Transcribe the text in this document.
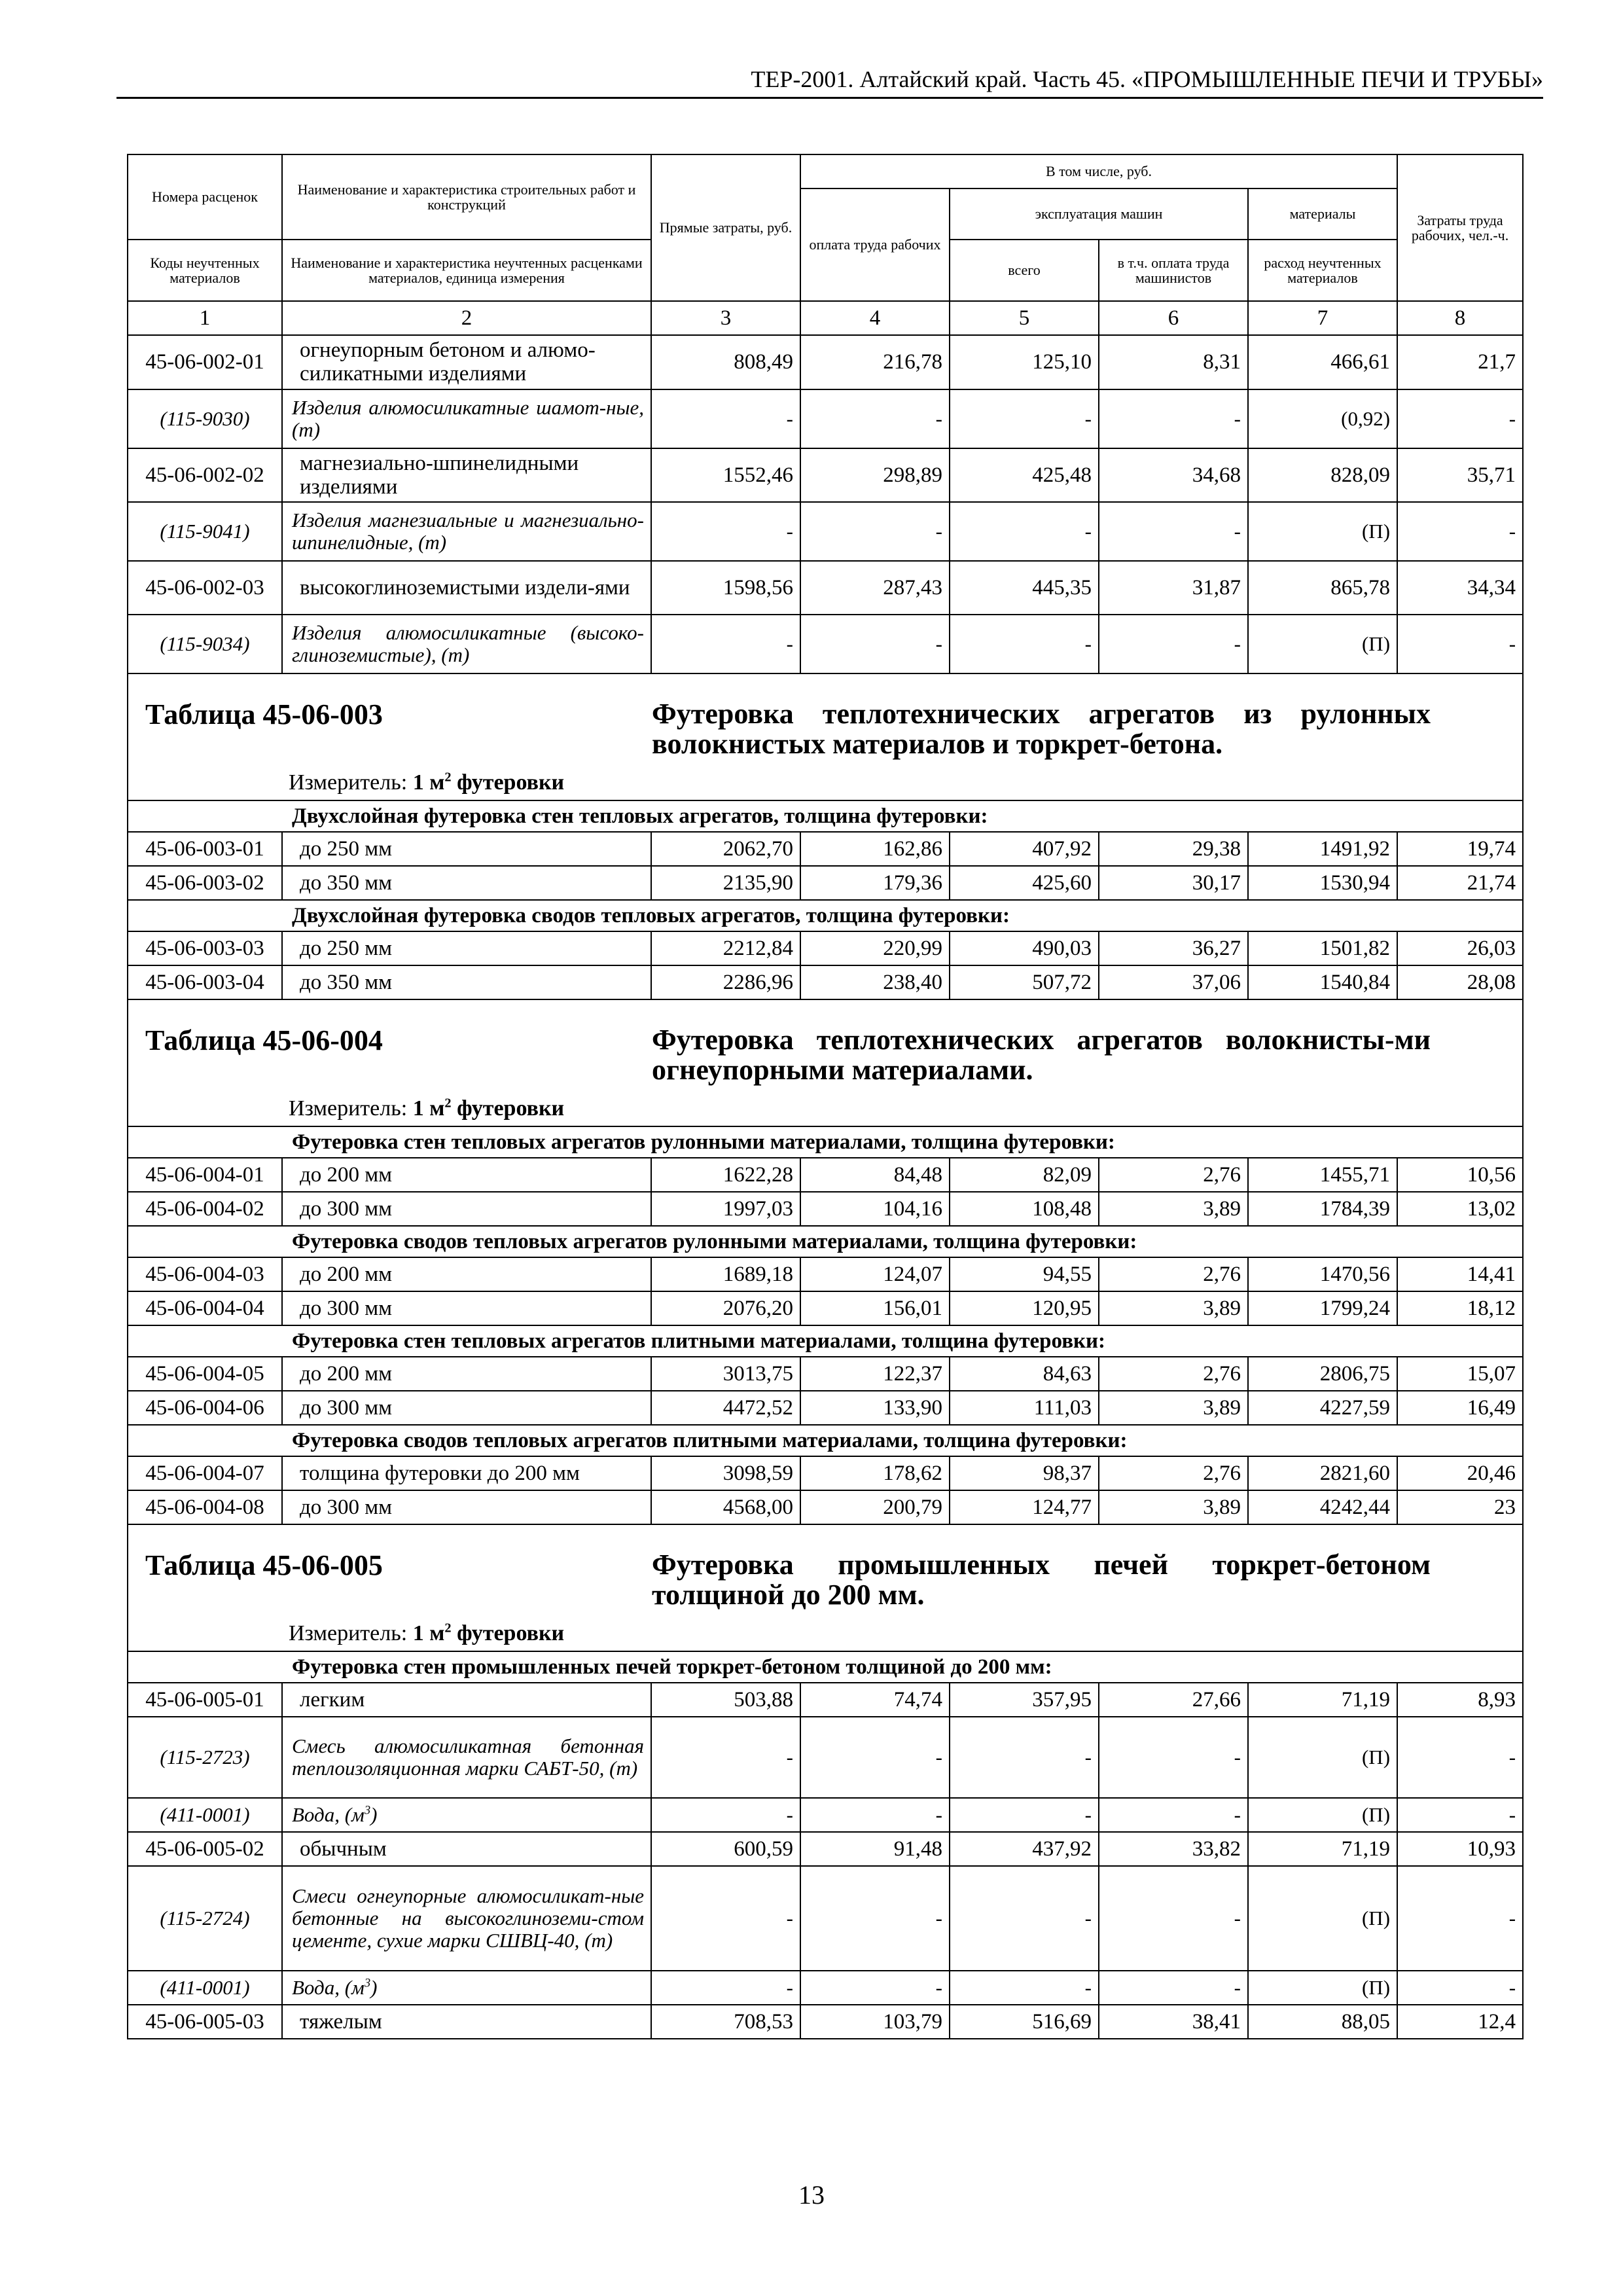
ТЕР-2001. Алтайский край. Часть 45. «ПРОМЫШЛЕННЫЕ ПЕЧИ И ТРУБЫ»
Номера расценок	Наименование и характеристика строительных работ и конструкций	Прямые затраты, руб.	В том числе, руб.				Затраты труда рабочих, чел.-ч.
			оплата труда рабочих	эксплуатация машин		материалы	
Коды неучтенных материалов	Наименование и характеристика неучтенных расценками материалов, единица измерения			всего	в т.ч. оплата труда машинистов	расход неучтенных материалов	
1	2	3	4	5	6	7	8
45-06-002-01	огнеупорным бетоном и алюмо-силикатными изделиями	808,49	216,78	125,10	8,31	466,61	21,7
(115-9030)	Изделия алюмосиликатные шамот-ные, (т)	-	-	-	-	(0,92)	-
45-06-002-02	магнезиально-шпинелидными изделиями	1552,46	298,89	425,48	34,68	828,09	35,71
(115-9041)	Изделия магнезиальные и магнезиально-шпинелидные, (т)	-	-	-	-	(П)	-
45-06-002-03	высокоглиноземистыми издели-ями	1598,56	287,43	445,35	31,87	865,78	34,34
(115-9034)	Изделия алюмосиликатные (высоко-глиноземистые), (т)	-	-	-	-	(П)	-

Таблица 45-06-003 Футеровка теплотехнических агрегатов из рулонных волокнистых материалов и торкрет-бетона.							

Измеритель: 1 $м^2$ футеровки							
Двухслойная футеровка стен тепловых агрегатов, толщина футеровки:							
45-06-003-01	до 250 мм	2062,70	162,86	407,92	29,38	1491,92	19,74
45-06-003-02	до 350 мм	2135,90	179,36	425,60	30,17	1530,94	21,74
Двухслойная футеровка сводов тепловых агрегатов, толщина футеровки:							
45-06-003-03	до 250 мм	2212,84	220,99	490,03	36,27	1501,82	26,03
45-06-003-04	до 350 мм	2286,96	238,40	507,72	37,06	1540,84	28,08

Таблица 45-06-004 Футеровка теплотехнических агрегатов волокнисты-ми огнеупорными материалами.							

Измеритель: 1 $м^2$ футеровки							
Футеровка стен тепловых агрегатов рулонными материалами, толщина футеровки:							
45-06-004-01	до 200 мм	1622,28	84,48	82,09	2,76	1455,71	10,56
45-06-004-02	до 300 мм	1997,03	104,16	108,48	3,89	1784,39	13,02
Футеровка сводов тепловых агрегатов рулонными материалами, толщина футеровки:							
45-06-004-03	до 200 мм	1689,18	124,07	94,55	2,76	1470,56	14,41
45-06-004-04	до 300 мм	2076,20	156,01	120,95	3,89	1799,24	18,12
Футеровка стен тепловых агрегатов плитными материалами, толщина футеровки:							
45-06-004-05	до 200 мм	3013,75	122,37	84,63	2,76	2806,75	15,07
45-06-004-06	до 300 мм	4472,52	133,90	111,03	3,89	4227,59	16,49
Футеровка сводов тепловых агрегатов плитными материалами, толщина футеровки:							
45-06-004-07	толщина футеровки до 200 мм	3098,59	178,62	98,37	2,76	2821,60	20,46
45-06-004-08	до 300 мм	4568,00	200,79	124,77	3,89	4242,44	23

Таблица 45-06-005 Футеровка промышленных печей торкрет-бетоном толщиной до 200 мм.							

Измеритель: 1 $м^2$ футеровки							
Футеровка стен промышленных печей торкрет-бетоном толщиной до 200 мм:							
45-06-005-01	легким	503,88	74,74	357,95	27,66	71,19	8,93
(115-2723)	Смесь алюмосиликатная бетонная теплоизоляционная марки САБТ-50, (т)	-	-	-	-	(П)	-
(411-0001)	Вода, $(м^3)$	-	-	-	-	(П)	-
45-06-005-02	обычным	600,59	91,48	437,92	33,82	71,19	10,93
(115-2724)	Смеси огнеупорные алюмосиликат-ные бетонные на высокоглиноземи-стом цементе, сухие марки СШВЦ-40, (т)	-	-	-	-	(П)	-
(411-0001)	Вода, $(м^3)$	-	-	-	-	(П)	-
45-06-005-03	тяжелым	708,53	103,79	516,69	38,41	88,05	12,4
13
